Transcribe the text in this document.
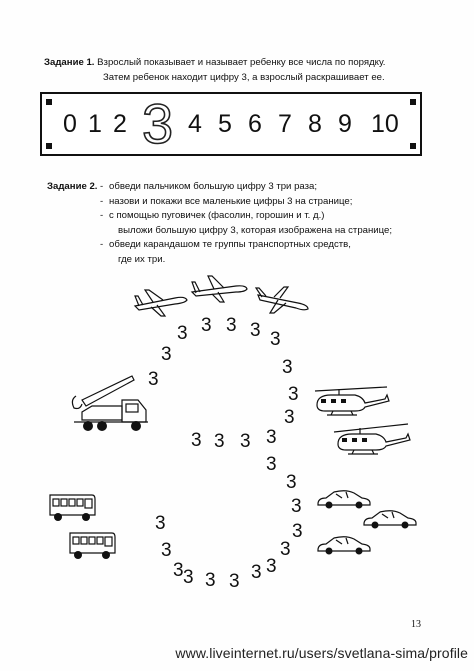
Задание 1. Взрослый показывает и называет ребенку все числа по порядку.
Затем ребенок находит цифру 3, а взрослый раскрашивает ее.
0 1 2 3 4 5 6 7 8 9 10
Задание 2. - обведи пальчиком большую цифру 3 три раза;
- назови и покажи все маленькие цифры 3 на странице;
- с помощью пуговичек (фасолин, горошин и т. д.)
выложи большую цифру 3, которая изображена на странице;
- обведи карандашом те группы транспортных средств,
где их три.
3 3 3 3
3
3
3
3
3
3
3
3 3 3
3
3
3
3
3
3
3
3
3
3 3 3 3
13
www.liveinternet.ru/users/svetlana-sima/profile
